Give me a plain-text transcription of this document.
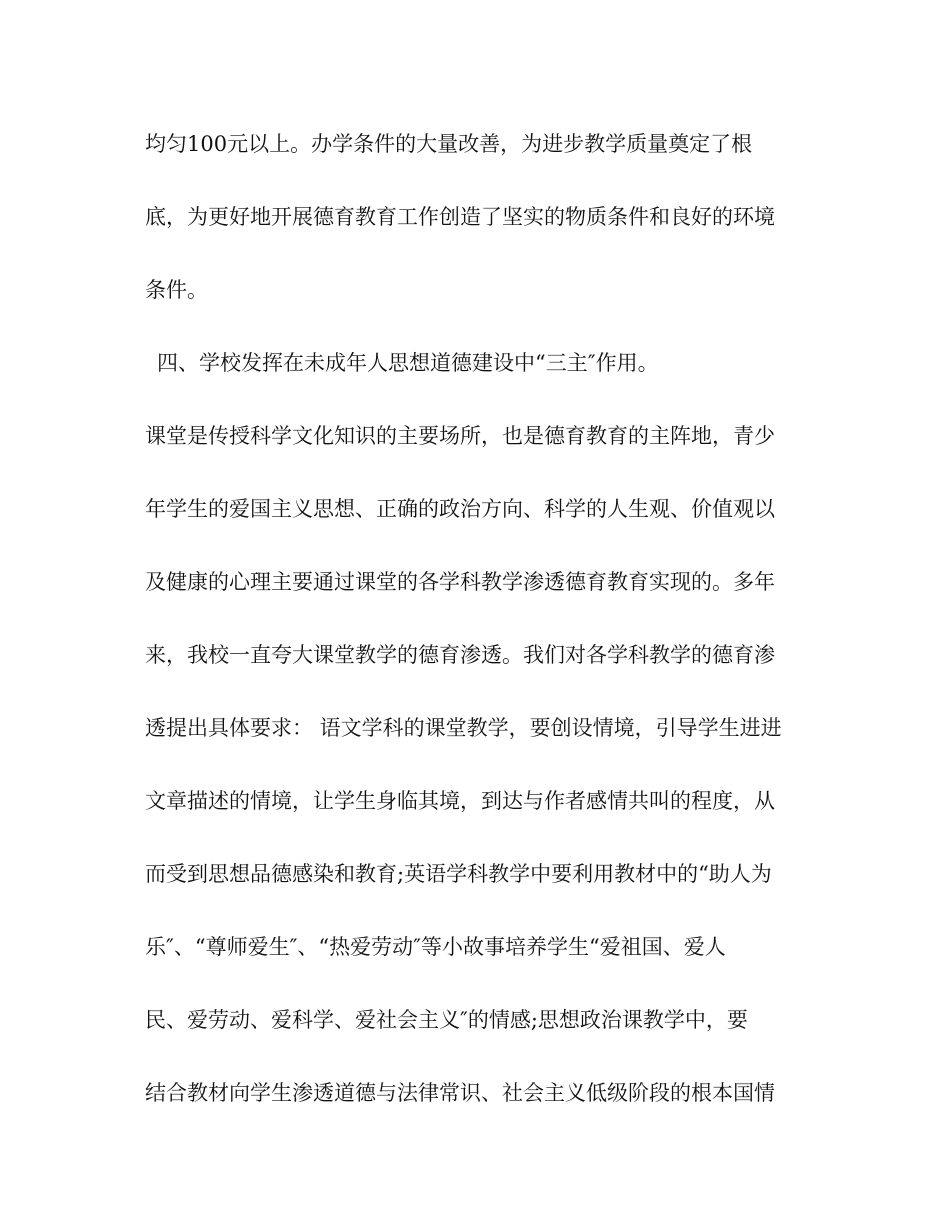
均匀100元以上。办学条件的大量改善，为进步教学质量奠定了根
底，为更好地开展德育教育工作创造了坚实的物质条件和良好的环境
条件。
四、学校发挥在未成年人思想道德建设中“三主″作用。
课堂是传授科学文化知识的主要场所，也是德育教育的主阵地，青少
年学生的爱国主义思想、正确的政治方向、科学的人生观、价值观以
及健康的心理主要通过课堂的各学科教学渗透德育教育实现的。多年
来，我校一直夸大课堂教学的德育渗透。我们对各学科教学的德育渗
透提出具体要求： 语文学科的课堂教学，要创设情境，引导学生进进
文章描述的情境，让学生身临其境，到达与作者感情共叫的程度，从
而受到思想品德感染和教育;英语学科教学中要利用教材中的“助人为
乐″、“尊师爱生″、“热爱劳动″等小故事培养学生“爱祖国、爱人
民、爱劳动、爱科学、爱社会主义″的情感;思想政治课教学中，要
结合教材向学生渗透道德与法律常识、社会主义低级阶段的根本国情
